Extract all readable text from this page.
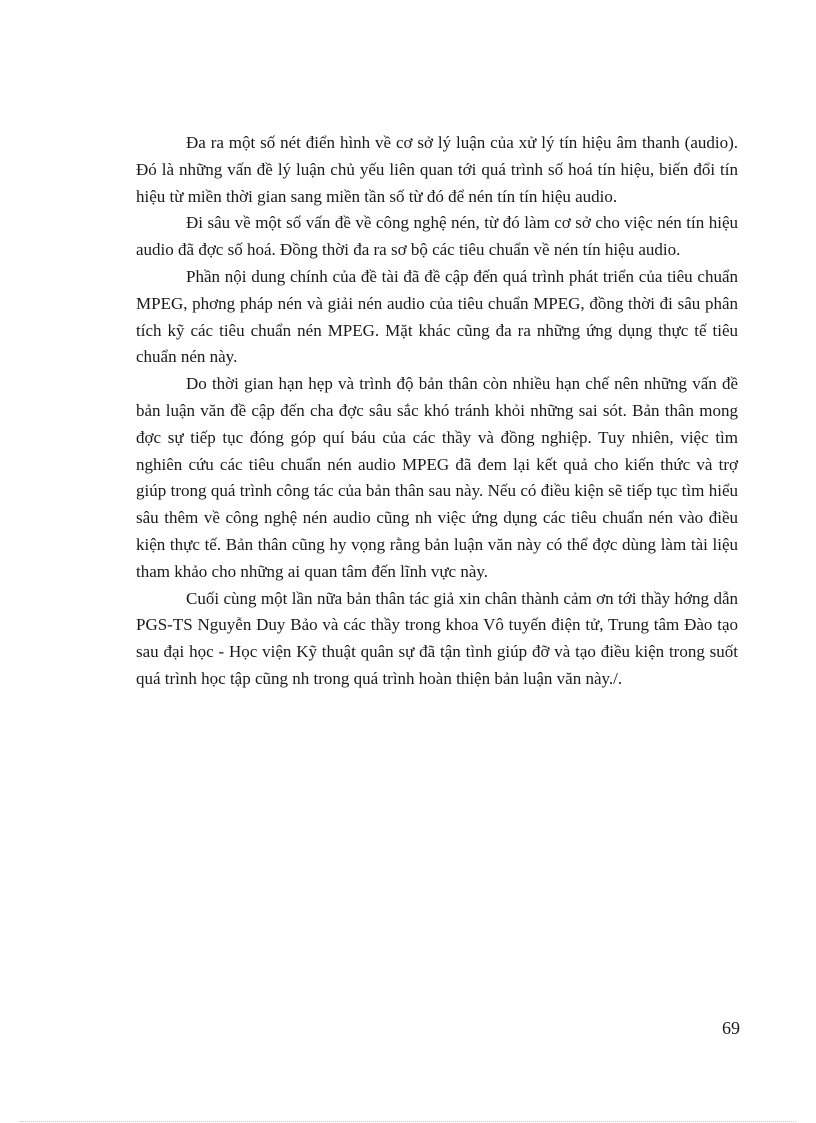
Đa ra một số nét điển hình về cơ sở lý luận của xử lý tín hiệu âm thanh (audio). Đó là những vấn đề lý luận chủ yếu liên quan tới quá trình số hoá tín hiệu, biến đổi tín hiệu từ miền thời gian sang miền tần số từ đó để nén tín tín hiệu audio.

Đi sâu về một số vấn đề về công nghệ nén, từ đó làm cơ sở cho việc nén tín hiệu audio đã đợc số hoá. Đồng thời đa ra sơ bộ các tiêu chuẩn về nén tín hiệu audio.

Phần nội dung chính của đề tài đã đề cập đến quá trình phát triển của tiêu chuẩn MPEG, phơng pháp nén và giải nén audio của tiêu chuẩn MPEG, đồng thời đi sâu phân tích kỹ các tiêu chuẩn nén MPEG. Mặt khác cũng đa ra những ứng dụng thực tế tiêu chuẩn nén này.

Do thời gian hạn hẹp và trình độ bản thân còn nhiều hạn chế nên những vấn đề bản luận văn đề cập đến cha đợc sâu sắc khó tránh khỏi những sai sót. Bản thân mong đợc sự tiếp tục đóng góp quí báu của các thầy và đồng nghiệp. Tuy nhiên, việc tìm nghiên cứu các tiêu chuẩn nén audio MPEG đã đem lại kết quả cho kiến thức và trợ giúp trong quá trình công tác của bản thân sau này. Nếu có điều kiện sẽ tiếp tục tìm hiểu sâu thêm về công nghệ nén audio cũng nh việc ứng dụng các tiêu chuẩn nén vào điều kiện thực tế. Bản thân cũng hy vọng rằng bản luận văn này có thể đợc dùng làm tài liệu tham khảo cho những ai quan tâm đến lĩnh vực này.

Cuối cùng một lần nữa bản thân tác giả xin chân thành cảm ơn tới thầy hớng dẫn PGS-TS Nguyễn Duy Bảo và các thầy trong khoa Vô tuyến điện tử, Trung tâm Đào tạo sau đại học - Học viện Kỹ thuật quân sự đã tận tình giúp đỡ và tạo điều kiện trong suốt quá trình học tập cũng nh trong quá trình hoàn thiện bản luận văn này./.

69
